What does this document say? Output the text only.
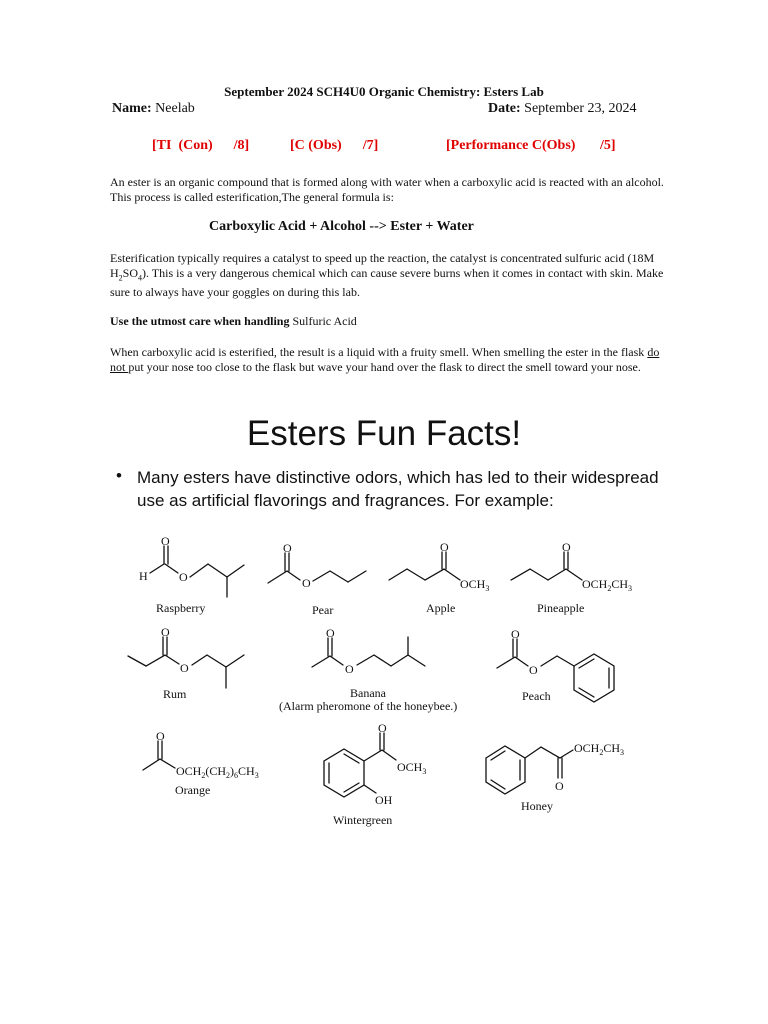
September 2024 SCH4U0 Organic Chemistry: Esters Lab
Name: Neelab	Date: September 23, 2024
[TI  (Con)      /8]	[C (Obs)      /7]	[Performance C(Obs)       /5]
An ester is an organic compound that is formed along with water when a carboxylic acid is reacted with an alcohol. This process is called esterification,The general formula is:
Carboxylic Acid + Alcohol --> Ester + Water
Esterification typically requires a catalyst to speed up the reaction, the catalyst is concentrated sulfuric acid (18M $H_2SO_4$). This is a very dangerous chemical which can cause severe burns when it comes in contact with skin. Make sure to always have your goggles on during this lab.
Use the utmost care when handling Sulfuric Acid
When carboxylic acid is esterified, the result is a liquid with a fruity smell. When smelling the ester in the flask do not put your nose too close to the flask but wave your hand over the flask to direct the smell toward your nose.
Esters Fun Facts!
• Many esters have distinctive odors, which has led to their widespread use as artificial flavorings and fragrances. For example:
O
H	O
O
O
O
$OCH_3$
O
$OCH_2CH_3$
O
O
O
O
O
O
O
$OCH_2(CH_2)_6CH_3$
O
$OCH_3$
OH
O
$OCH_2CH_3$
Raspberry	Pear	Apple	Pineapple
Rum	Banana
(Alarm pheromone of the honeybee.)
Peach
Orange
Wintergreen
Honey
